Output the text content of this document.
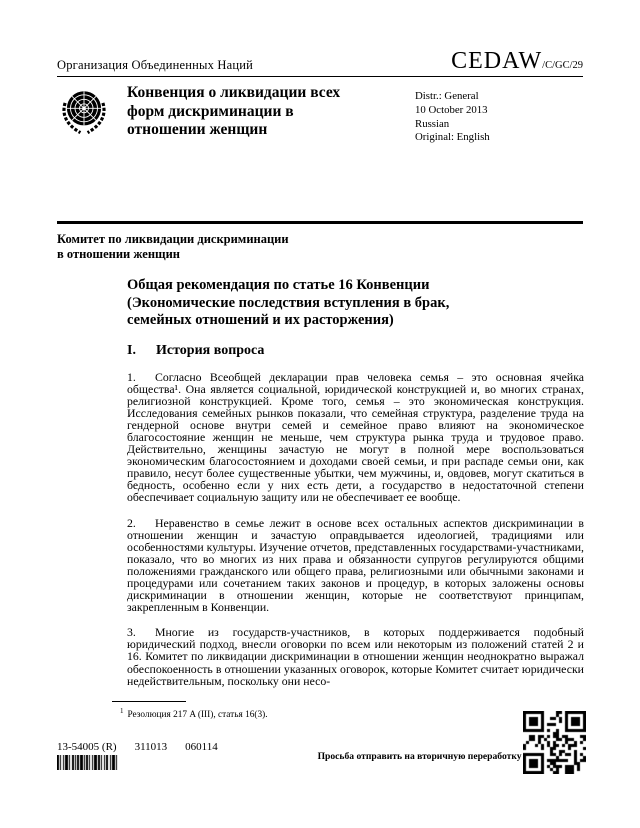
Организация Объединенных Наций	CEDAW/C/GC/29
Конвенция о ликвидации всех
форм дискриминации в
отношении женщин
Distr.: General
10 October 2013
Russian
Original: English
Комитет по ликвидации дискриминации
в отношении женщин
Общая рекомендация по статье 16 Конвенции
(Экономические последствия вступления в брак,
семейных отношений и их расторжения)
I.	История вопроса

1. Согласно Всеобщей декларации прав человека семья – это основная ячейка общества¹. Она является социальной, юридической конструкцией и, во многих странах, религиозной конструкцией. Кроме того, семья – это экономическая конструкция. Исследования семейных рынков показали, что семейная структура, разделение труда на гендерной основе внутри семей и семейное право влияют на экономическое благосостояние женщин не меньше, чем структура рынка труда и трудовое право. Действительно, женщины зачастую не могут в полной мере воспользоваться экономическим благосостоянием и доходами своей семьи, и при распаде семьи они, как правило, несут более существенные убытки, чем мужчины, и, овдовев, могут скатиться в бедность, особенно если у них есть дети, а государство в недостаточной степени обеспечивает социальную защиту или не обеспечивает ее вообще.

2. Неравенство в семье лежит в основе всех остальных аспектов дискриминации в отношении женщин и зачастую оправдывается идеологией, традициями или особенностями культуры. Изучение отчетов, представленных государствами-участниками, показало, что во многих из них права и обязанности супругов регулируются общими положениями гражданского или общего права, религиозными или обычными законами и процедурами или сочетанием таких законов и процедур, в которых заложены основы дискриминации в отношении женщин, которые не соответствуют принципам, закрепленным в Конвенции.

3. Многие из государств-участников, в которых поддерживается подобный юридический подход, внесли оговорки по всем или некоторым из положений статей 2 и 16. Комитет по ликвидации дискриминации в отношении женщин неоднократно выражал обеспокоенность в отношении указанных оговорок, которые Комитет считает юридически недействительным, поскольку они несо-

$^1$ Резолюция 217 A (III), статья 16(3).
13-54005 (R) 311013 060114
Просьба отправить на вторичную переработку
